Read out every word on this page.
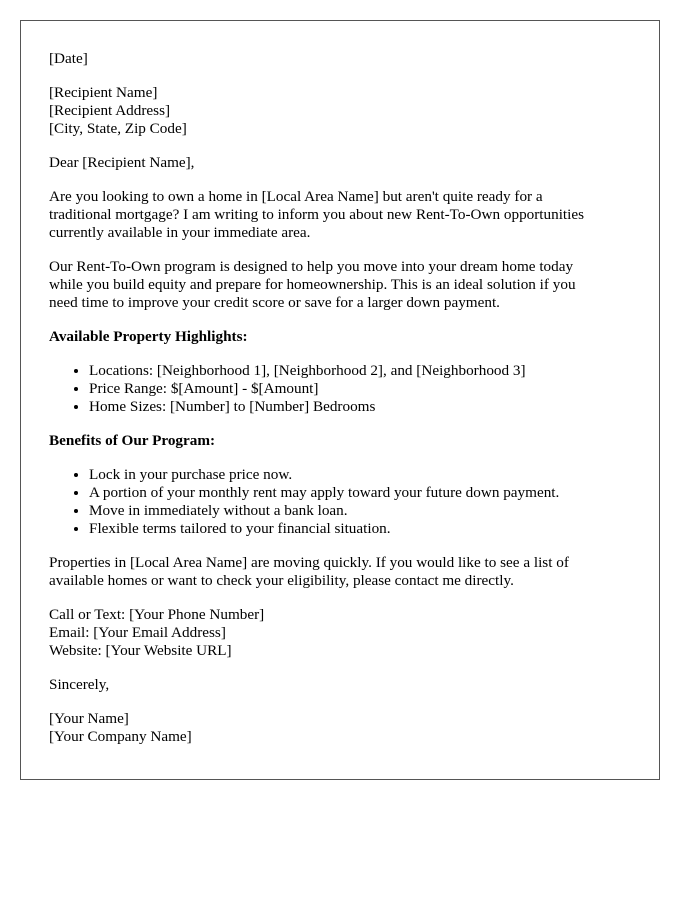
[Date]
[Recipient Name]
[Recipient Address]
[City, State, Zip Code]
Dear [Recipient Name],
Are you looking to own a home in [Local Area Name] but aren't quite ready for a
traditional mortgage? I am writing to inform you about new Rent-To-Own opportunities
currently available in your immediate area.
Our Rent-To-Own program is designed to help you move into your dream home today
while you build equity and prepare for homeownership. This is an ideal solution if you
need time to improve your credit score or save for a larger down payment.
Available Property Highlights:
• Locations: [Neighborhood 1], [Neighborhood 2], and [Neighborhood 3]
• Price Range: $[Amount] - $[Amount]
• Home Sizes: [Number] to [Number] Bedrooms
Benefits of Our Program:
• Lock in your purchase price now.
• A portion of your monthly rent may apply toward your future down payment.
• Move in immediately without a bank loan.
• Flexible terms tailored to your financial situation.
Properties in [Local Area Name] are moving quickly. If you would like to see a list of
available homes or want to check your eligibility, please contact me directly.
Call or Text: [Your Phone Number]
Email: [Your Email Address]
Website: [Your Website URL]
Sincerely,
[Your Name]
[Your Company Name]
